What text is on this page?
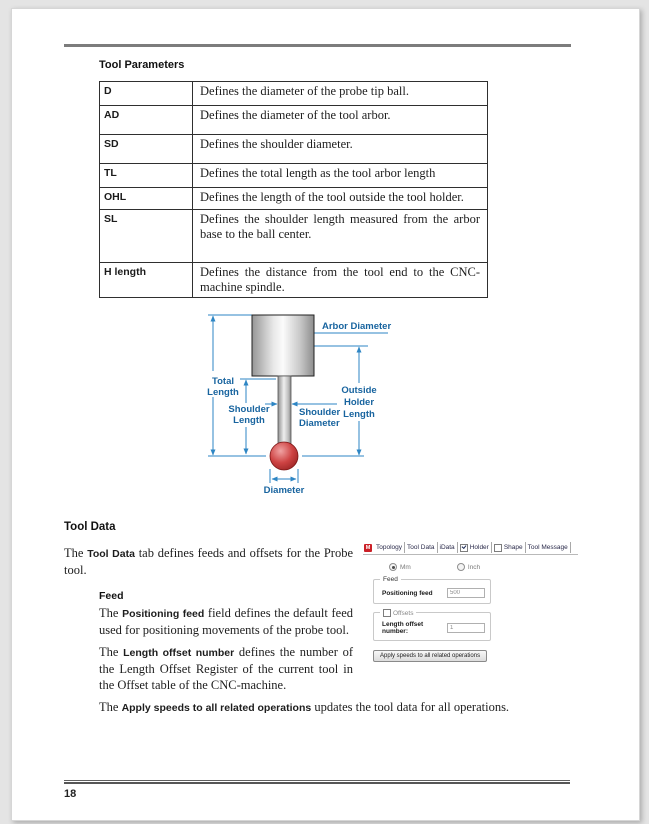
Tool Parameters
D	Defines the diameter of the probe tip ball.
AD	Defines the diameter of the tool arbor.
SD	Defines the shoulder diameter.
TL	Defines the total length as the tool arbor length
OHL	Defines the length of the tool outside the tool holder.
SL	Defines the shoulder length measured from the arbor base to the ball center.
H length	Defines the distance from the tool end to the CNC-machine spindle.
Arbor Diameter
Total
Length
Shoulder
Length
Shoulder
Diameter
Outside
Holder
Length
Diameter
Tool Data
M Topology Tool Data iData	Holder Shape Tool Message
Mm	Inch
Feed
Positioning feed
500
Offsets
Length offset number:
1
Apply speeds to all related operations

The Tool Data tab defines feeds and offsets for the Probe tool.

Feed

The Positioning feed field defines the default feed used for positioning movements of the probe tool.

The Length offset number defines the number of the Length Offset Register of the current tool in the Offset table of the CNC-machine.

The Apply speeds to all related operations updates the tool data for all operations.

18
